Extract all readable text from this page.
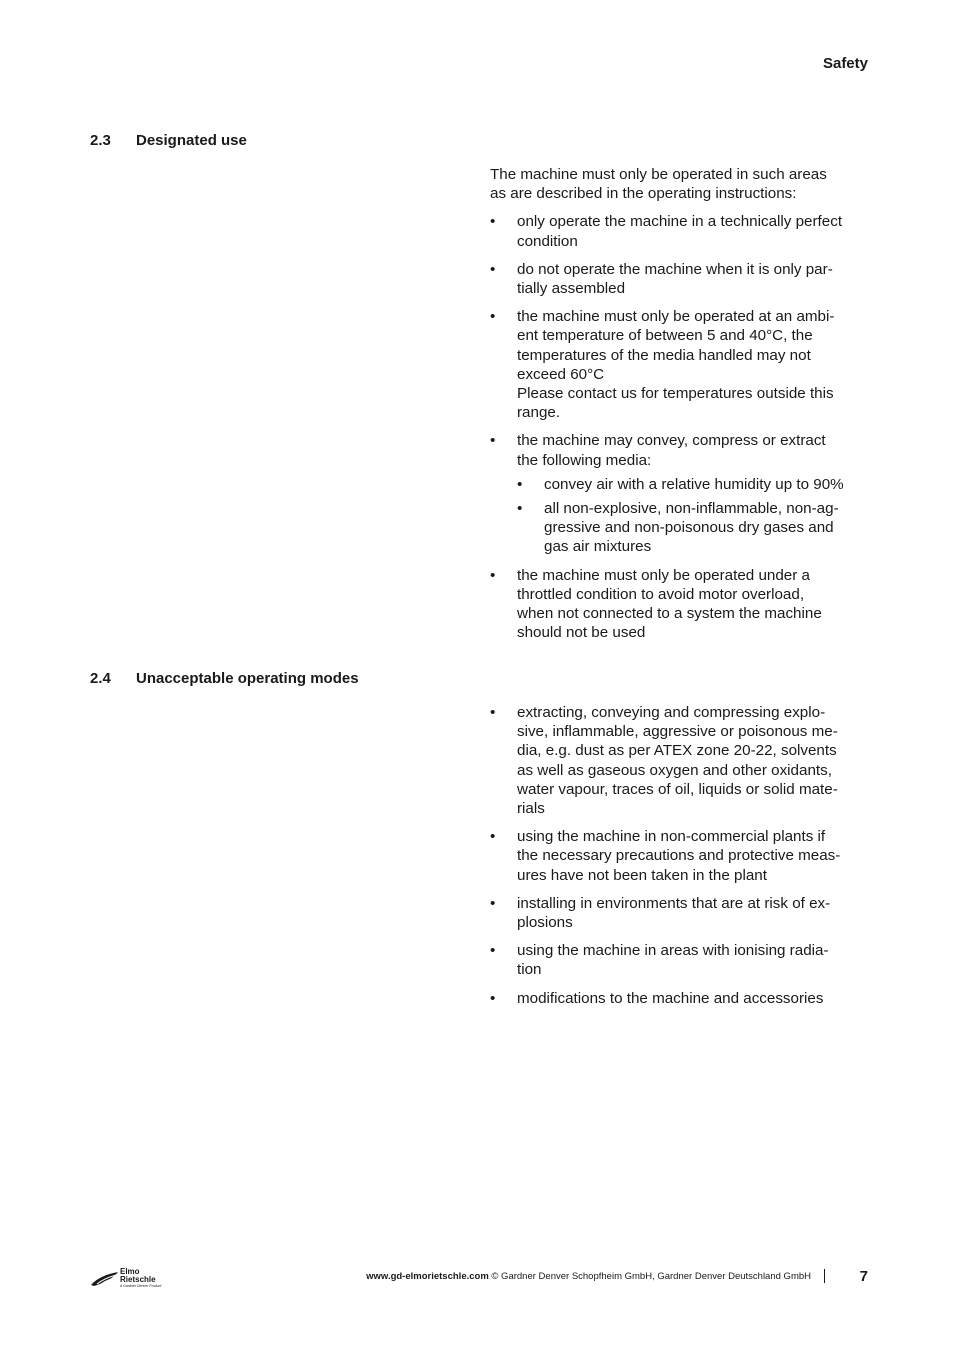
Safety
2.3 Designated use

The machine must only be operated in such areas
as are described in the operating instructions:

• only operate the machine in a technically perfect
condition
• do not operate the machine when it is only par-
tially assembled
• the machine must only be operated at an ambi-
ent temperature of between 5 and 40°C, the
temperatures of the media handled may not
exceed 60°C
Please contact us for temperatures outside this
range.
• the machine may convey, compress or extract
the following media:
• convey air with a relative humidity up to 90%
• all non-explosive, non-inflammable, non-ag-
gressive and non-poisonous dry gases and
gas air mixtures
• the machine must only be operated under a
throttled condition to avoid motor overload,
when not connected to a system the machine
should not be used
2.4 Unacceptable operating modes
• extracting, conveying and compressing explo-
sive, inflammable, aggressive or poisonous me-
dia, e.g. dust as per ATEX zone 20-22, solvents
as well as gaseous oxygen and other oxidants,
water vapour, traces of oil, liquids or solid mate-
rials
• using the machine in non-commercial plants if
the necessary precautions and protective meas-
ures have not been taken in the plant
• installing in environments that are at risk of ex-
plosions
• using the machine in areas with ionising radia-
tion
• modifications to the machine and accessories
Elmo
Rietschle
A Gardner Denver Product
www.gd-elmorietschle.com © Gardner Denver Schopfheim GmbH, Gardner Denver Deutschland GmbH	7
